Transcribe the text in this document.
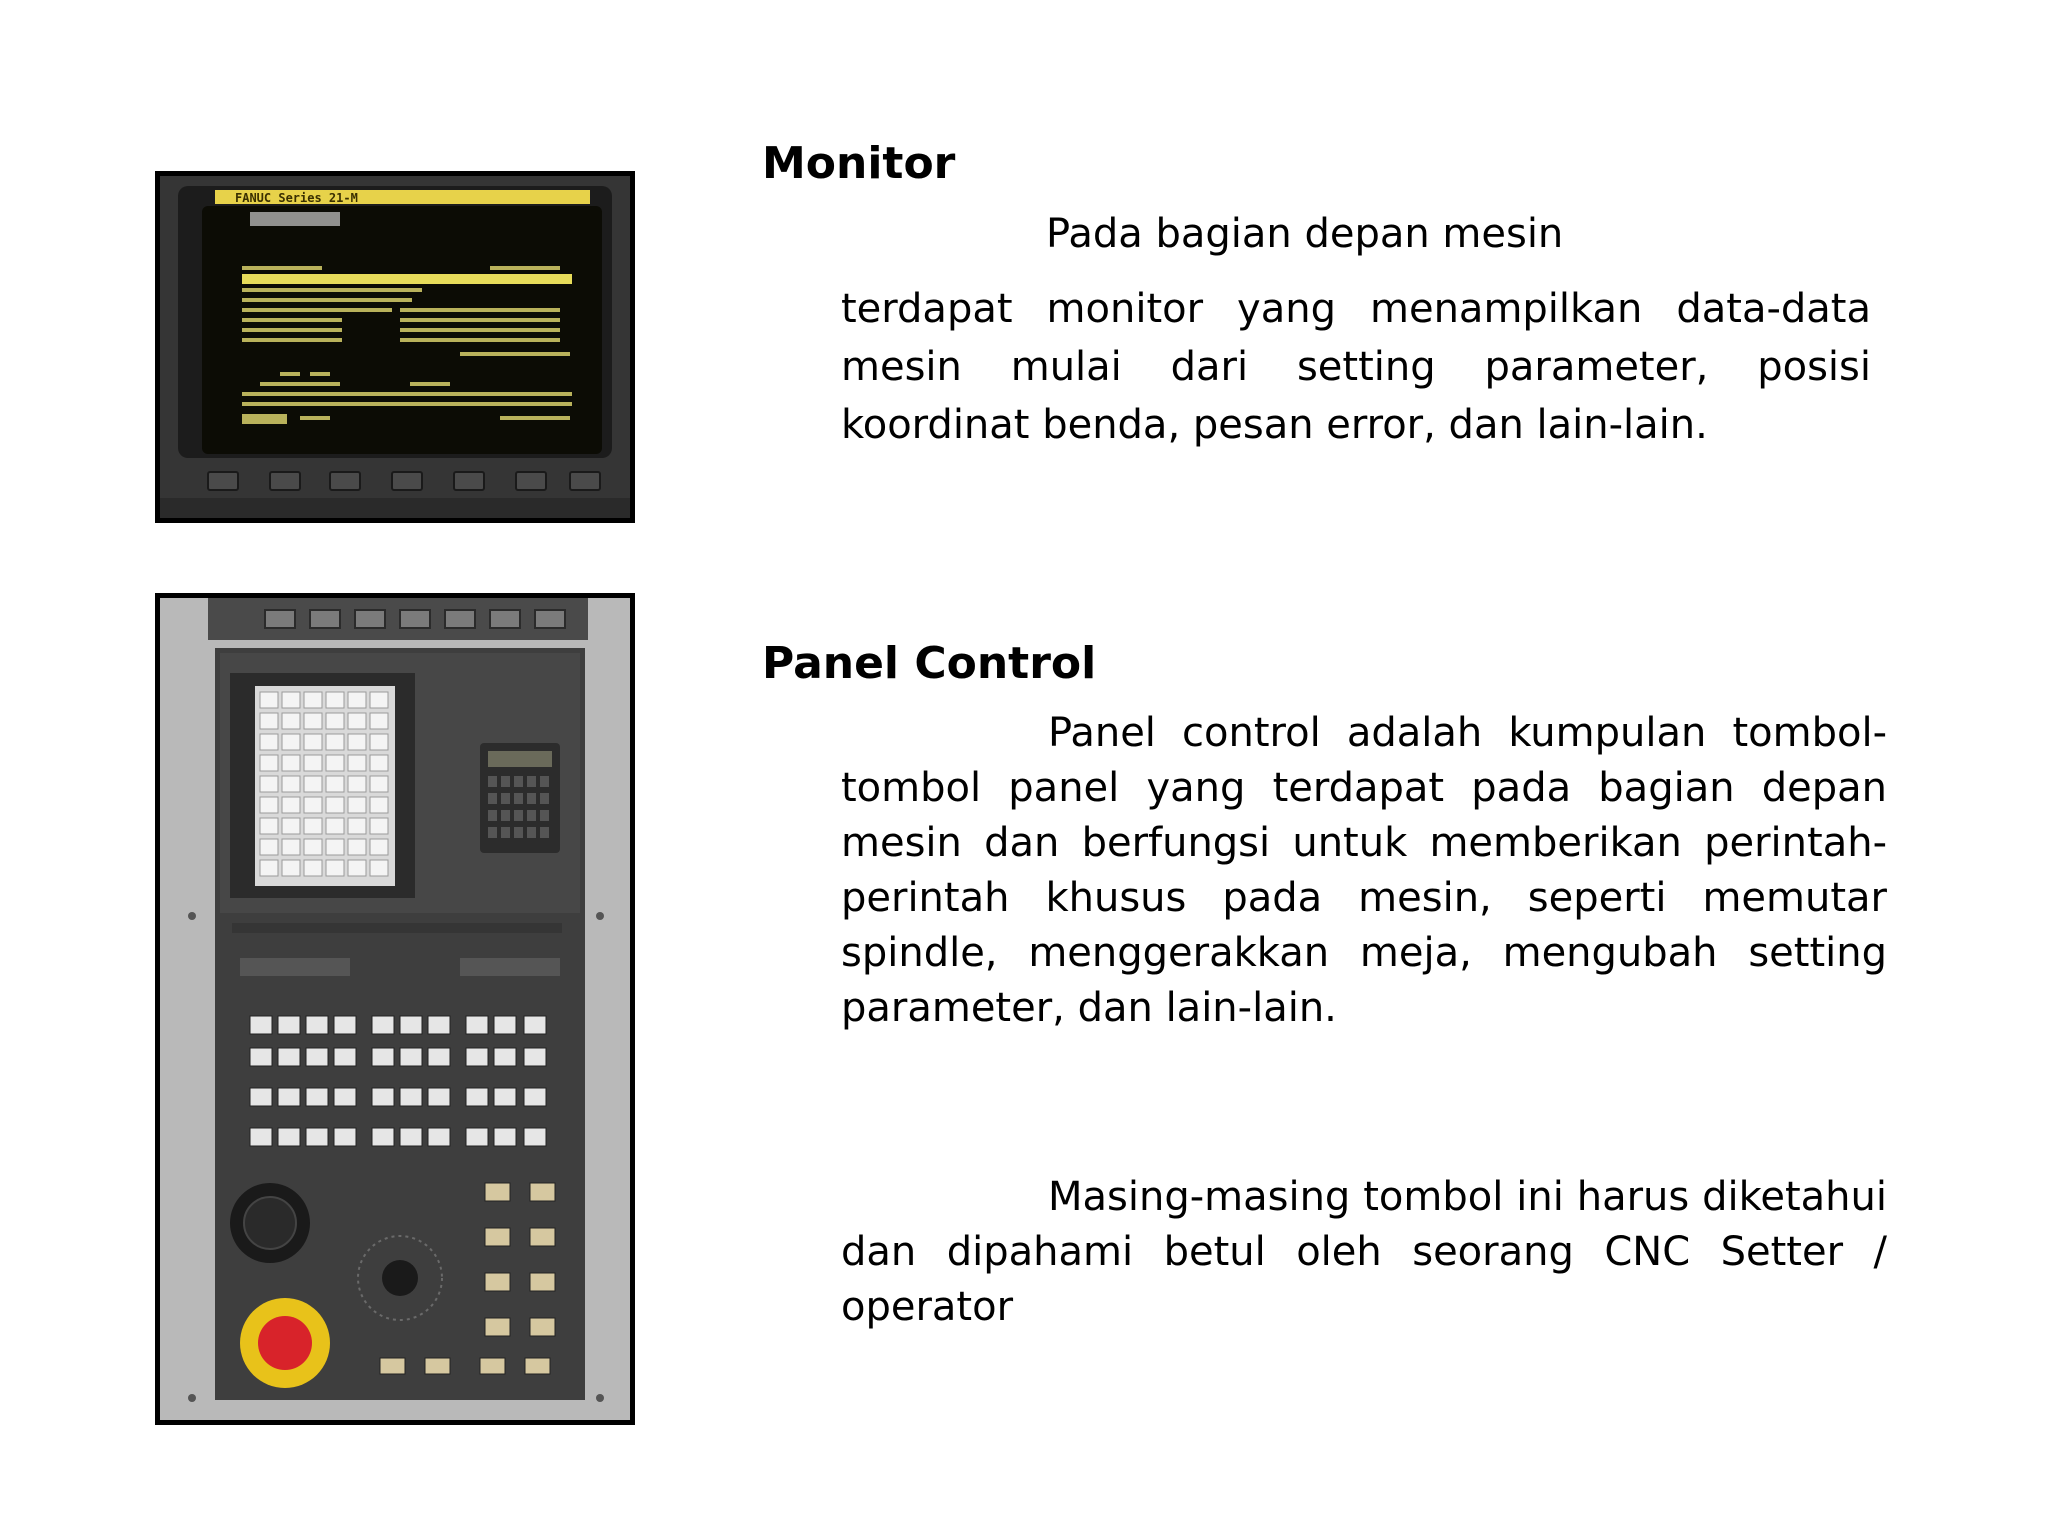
FANUC Series 21-M
Monitor

Pada bagian depan mesin

terdapat monitor yang menampilkan data-data mesin mulai dari setting parameter, posisi koordinat benda, pesan error, dan lain-lain.

Panel Control

Panel control adalah kumpulan tombol-tombol panel yang terdapat pada bagian depan mesin dan berfungsi untuk memberikan perintah-perintah khusus pada mesin, seperti memutar spindle, menggerakkan meja, mengubah setting parameter, dan lain-lain.

Masing-masing tombol ini harus diketahui dan dipahami betul oleh seorang CNC Setter / operator
